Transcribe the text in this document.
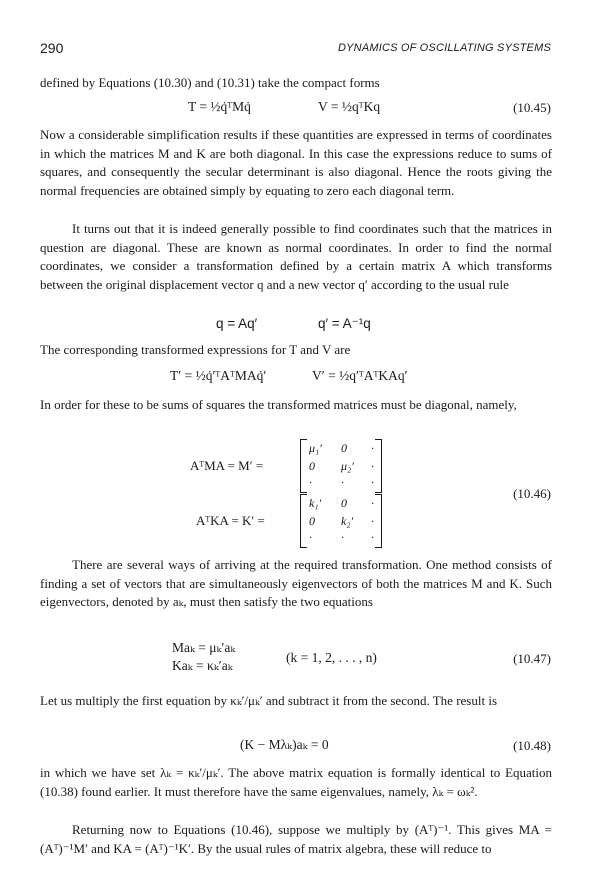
290	DYNAMICS OF OSCILLATING SYSTEMS
defined by Equations (10.30) and (10.31) take the compact forms
T = ½q̇ᵀMq̇	V = ½qᵀKq	(10.45)
Now a considerable simplification results if these quantities are expressed in terms of coordinates in which the matrices M and K are both diagonal. In this case the expressions reduce to sums of squares, and consequently the secular determinant is also diagonal. Hence the roots giving the normal frequencies are obtained simply by equating to zero each diagonal term.
It turns out that it is indeed generally possible to find coordinates such that the matrices in question are diagonal. These are known as normal coordinates. In order to find the normal coordinates, we consider a transformation defined by a certain matrix A which transforms between the original displacement vector q and a new vector q′ according to the usual rule
q = Aq′	q′ = A⁻¹q
The corresponding transformed expressions for T and V are
T′ = ½q̇′ᵀAᵀMAq̇′	V′ = ½q′ᵀAᵀKAq′
In order for these to be sums of squares the transformed matrices must be diagonal, namely,
AᵀMA = M′ =
μ₁′ 0 ·
0 μ₂′ ·
· · ·
AᵀKA = K′ =
k₁′ 0 ·
0 k₂′ ·
· · ·
(10.46)
There are several ways of arriving at the required transformation. One method consists of finding a set of vectors that are simultaneously eigenvectors of both the matrices M and K. Such eigenvectors, denoted by aₖ, must then satisfy the two equations
Maₖ = μₖ′aₖ
Kaₖ = κₖ′aₖ
(k = 1, 2, . . . , n)	(10.47)
Let us multiply the first equation by κₖ′/μₖ′ and subtract it from the second. The result is
(K − Mλₖ)aₖ = 0	(10.48)
in which we have set λₖ = κₖ′/μₖ′. The above matrix equation is formally identical to Equation (10.38) found earlier. It must therefore have the same eigenvalues, namely, λₖ = ωₖ².
Returning now to Equations (10.46), suppose we multiply by (Aᵀ)⁻¹. This gives MA = (Aᵀ)⁻¹M′ and KA = (Aᵀ)⁻¹K′. By the usual rules of matrix algebra, these will reduce to
